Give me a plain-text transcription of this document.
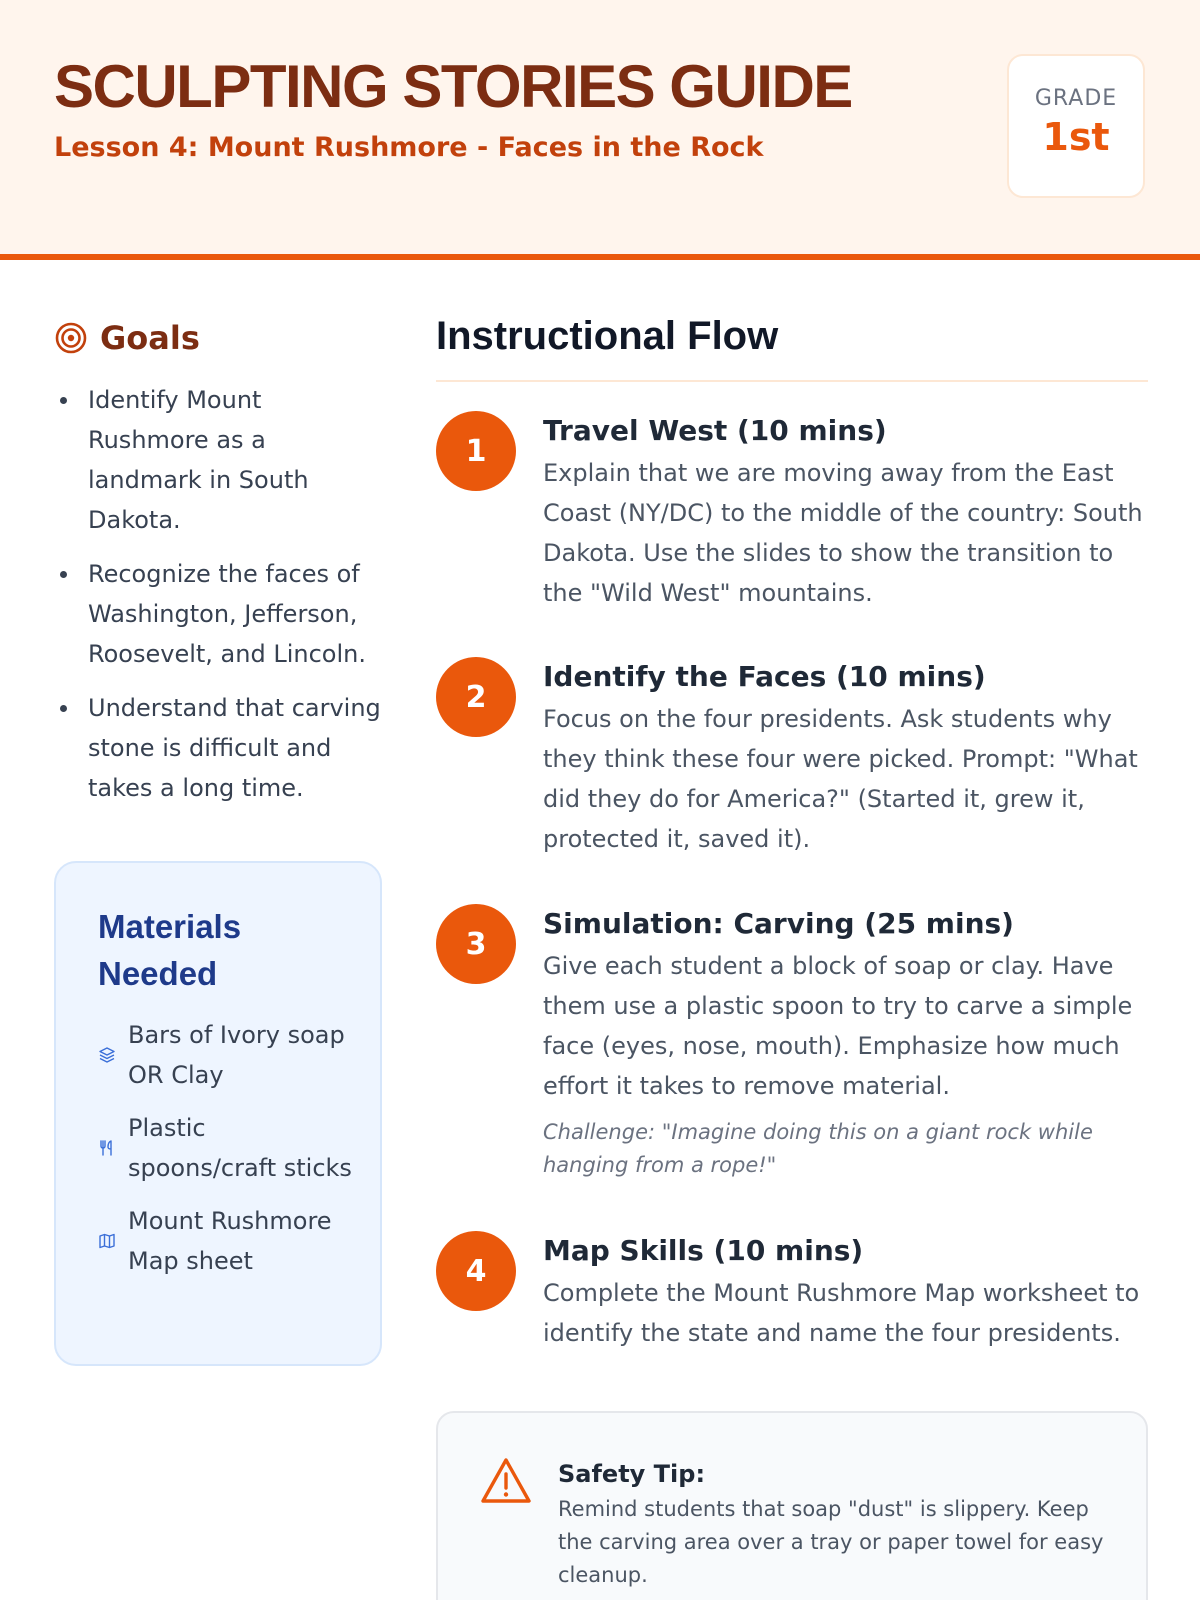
SCULPTING STORIES GUIDE
Lesson 4: Mount Rushmore - Faces in the Rock
GRADE
1st
Goals
Identify Mount Rushmore as a landmark in South Dakota.
Recognize the faces of Washington, Jefferson, Roosevelt, and Lincoln.
Understand that carving stone is difficult and takes a long time.
Materials Needed
Bars of Ivory soap OR Clay
Plastic spoons/craft sticks
Mount Rushmore Map sheet
Instructional Flow
1
Travel West (10 mins)
Explain that we are moving away from the East Coast (NY/DC) to the middle of the country: South Dakota. Use the slides to show the transition to the "Wild West" mountains.
2
Identify the Faces (10 mins)
Focus on the four presidents. Ask students why they think these four were picked. Prompt: "What did they do for America?" (Started it, grew it, protected it, saved it).
3
Simulation: Carving (25 mins)
Give each student a block of soap or clay. Have them use a plastic spoon to try to carve a simple face (eyes, nose, mouth). Emphasize how much effort it takes to remove material.
Challenge: "Imagine doing this on a giant rock while hanging from a rope!"
4
Map Skills (10 mins)
Complete the Mount Rushmore Map worksheet to identify the state and name the four presidents.
Safety Tip:
Remind students that soap "dust" is slippery. Keep the carving area over a tray or paper towel for easy cleanup.
